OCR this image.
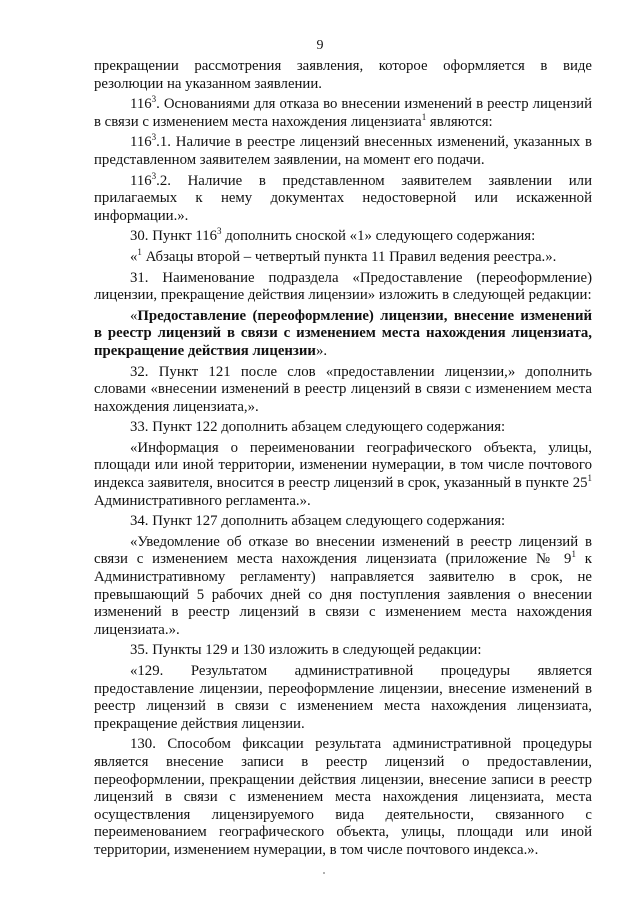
9

прекращении рассмотрения заявления, которое оформляется в виде резолюции на указанном заявлении.

$116^3$. Основаниями для отказа во внесении изменений в реестр лицензий в связи с изменением места нахождения лицензиата$^1$ являются:

$116^3.1$. Наличие в реестре лицензий внесенных изменений, указанных в представленном заявителем заявлении, на момент его подачи.

$116^3.2$. Наличие в представленном заявителем заявлении или прилагаемых к нему документах недостоверной или искаженной информации.».

30. Пункт $116^3$ дополнить сноской «1» следующего содержания:

«$^1$ Абзацы второй – четвертый пункта 11 Правил ведения реестра.».

31. Наименование подраздела «Предоставление (переоформление) лицензии, прекращение действия лицензии» изложить в следующей редакции:

«Предоставление (переоформление) лицензии, внесение изменений в реестр лицензий в связи с изменением места нахождения лицензиата, прекращение действия лицензии».

32. Пункт 121 после слов «предоставлении лицензии,» дополнить словами «внесении изменений в реестр лицензий в связи с изменением места нахождения лицензиата,».

33. Пункт 122 дополнить абзацем следующего содержания:

«Информация о переименовании географического объекта, улицы, площади или иной территории, изменении нумерации, в том числе почтового индекса заявителя, вносится в реестр лицензий в срок, указанный в пункте $25^1$ Административного регламента.».

34. Пункт 127 дополнить абзацем следующего содержания:

«Уведомление об отказе во внесении изменений в реестр лицензий в связи с изменением места нахождения лицензиата (приложение № $9^1$ к Административному регламенту) направляется заявителю в срок, не превышающий 5 рабочих дней со дня поступления заявления о внесении изменений в реестр лицензий в связи с изменением места нахождения лицензиата.».

35. Пункты 129 и 130 изложить в следующей редакции:

«129. Результатом административной процедуры является предоставление лицензии, переоформление лицензии, внесение изменений в реестр лицензий в связи с изменением места нахождения лицензиата, прекращение действия лицензии.

130. Способом фиксации результата административной процедуры является внесение записи в реестр лицензий о предоставлении, переоформлении, прекращении действия лицензии, внесение записи в реестр лицензий в связи с изменением места нахождения лицензиата, места осуществления лицензируемого вида деятельности, связанного с переименованием географического объекта, улицы, площади или иной территории, изменением нумерации, в том числе почтового индекса.».
